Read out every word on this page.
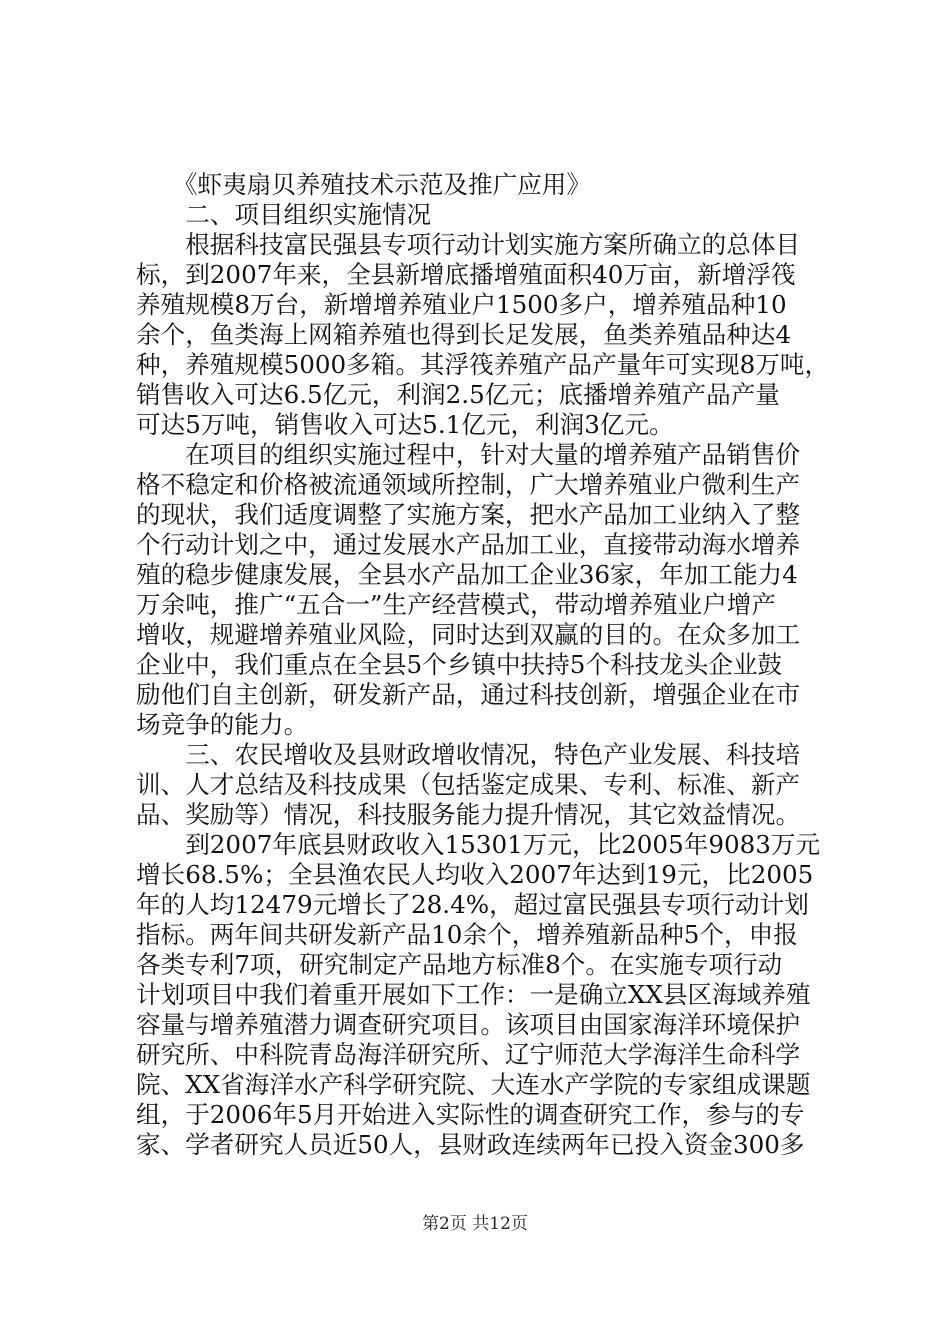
　　《虾夷扇贝养殖技术示范及推广应用》
　　二、项目组织实施情况
　　根据科技富民强县专项行动计划实施方案所确立的总体目
标，到2007年来，全县新增底播增殖面积40万亩，新增浮筏
养殖规模8万台，新增增养殖业户1500多户，增养殖品种10
余个，鱼类海上网箱养殖也得到长足发展，鱼类养殖品种达4
种，养殖规模5000多箱。其浮筏养殖产品产量年可实现8万吨，
销售收入可达6.5亿元，利润2.5亿元；底播增养殖产品产量
可达5万吨，销售收入可达5.1亿元，利润3亿元。
　　在项目的组织实施过程中，针对大量的增养殖产品销售价
格不稳定和价格被流通领域所控制，广大增养殖业户微利生产
的现状，我们适度调整了实施方案，把水产品加工业纳入了整
个行动计划之中，通过发展水产品加工业，直接带动海水增养
殖的稳步健康发展，全县水产品加工企业36家，年加工能力4
万余吨，推广“五合一”生产经营模式，带动增养殖业户增产
增收，规避增养殖业风险，同时达到双赢的目的。在众多加工
企业中，我们重点在全县5个乡镇中扶持5个科技龙头企业鼓
励他们自主创新，研发新产品，通过科技创新，增强企业在市
场竞争的能力。
　　三、农民增收及县财政增收情况，特色产业发展、科技培
训、人才总结及科技成果（包括鉴定成果、专利、标准、新产
品、奖励等）情况，科技服务能力提升情况，其它效益情况。
　　到2007年底县财政收入15301万元，比2005年9083万元
增长68.5%；全县渔农民人均收入2007年达到19元，比2005
年的人均12479元增长了28.4%，超过富民强县专项行动计划
指标。两年间共研发新产品10余个，增养殖新品种5个，申报
各类专利7项，研究制定产品地方标准8个。在实施专项行动
计划项目中我们着重开展如下工作：一是确立XX县区海域养殖
容量与增养殖潜力调查研究项目。该项目由国家海洋环境保护
研究所、中科院青岛海洋研究所、辽宁师范大学海洋生命科学
院、XX省海洋水产科学研究院、大连水产学院的专家组成课题
组，于2006年5月开始进入实际性的调查研究工作，参与的专
家、学者研究人员近50人，县财政连续两年已投入资金300多
第2页 共12页
